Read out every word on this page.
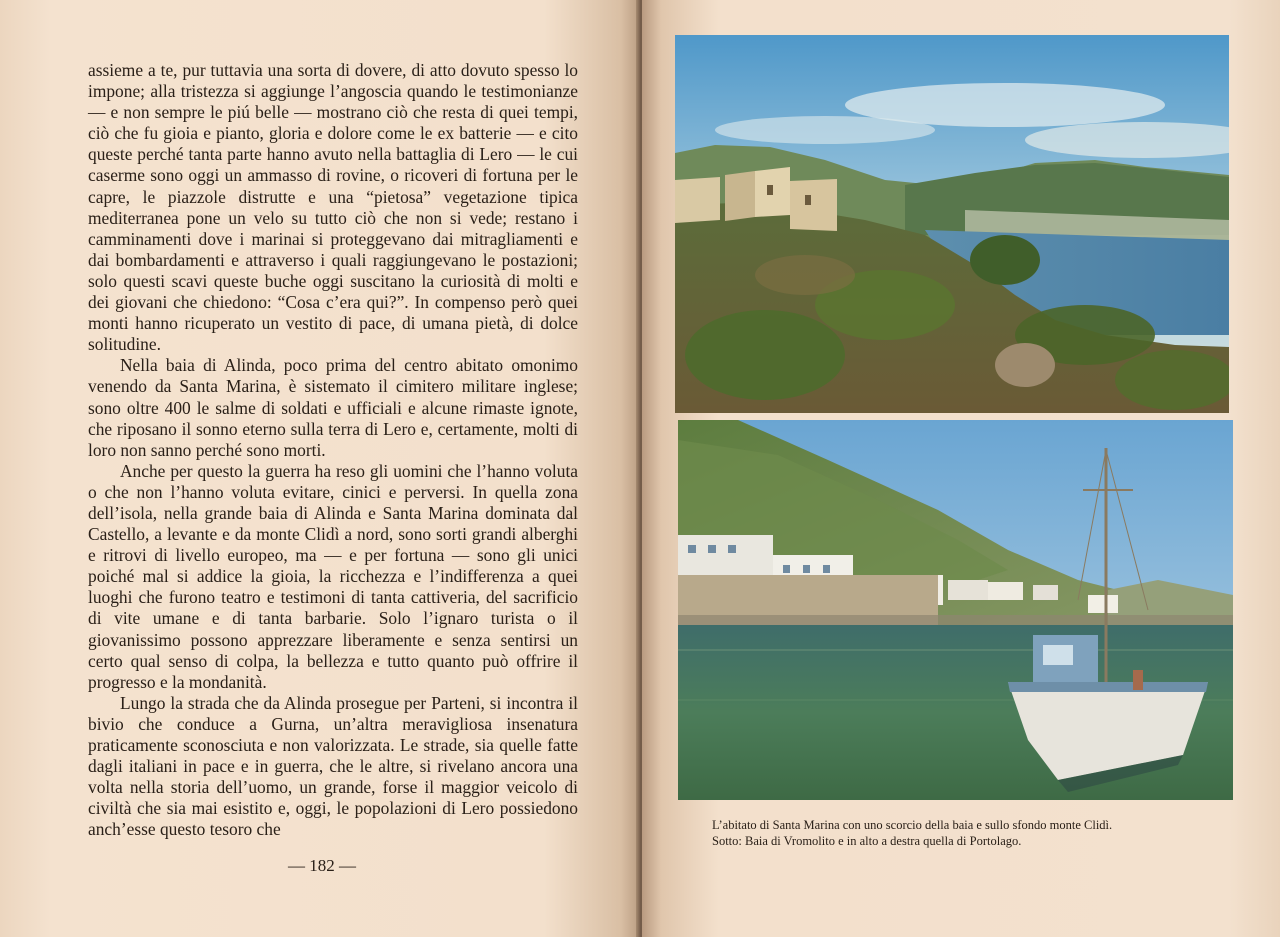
assieme a te, pur tuttavia una sorta di dovere, di atto dovuto spesso lo impone; alla tristezza si aggiunge l’angoscia quando le testimonianze — e non sempre le piú belle — mostrano ciò che resta di quei tempi, ciò che fu gioia e pianto, gloria e dolore come le ex batterie — e cito queste perché tanta parte hanno avuto nella battaglia di Lero — le cui caserme sono oggi un ammasso di rovine, o ricoveri di fortuna per le capre, le piazzole distrutte e una “pietosa” vegetazione tipica mediterranea pone un velo su tutto ciò che non si vede; restano i camminamenti dove i marinai si proteggevano dai mitragliamenti e dai bombardamenti e attraverso i quali raggiungevano le postazioni; solo questi scavi queste buche oggi suscitano la curiosità di molti e dei giovani che chiedono: “Cosa c’era qui?”. In compenso però quei monti hanno ricuperato un vestito di pace, di umana pietà, di dolce solitudine.

Nella baia di Alinda, poco prima del centro abitato omonimo venendo da Santa Marina, è sistemato il cimitero militare inglese; sono oltre 400 le salme di soldati e ufficiali e alcune rimaste ignote, che riposano il sonno eterno sulla terra di Lero e, certamente, molti di loro non sanno perché sono morti.

Anche per questo la guerra ha reso gli uomini che l’hanno voluta o che non l’hanno voluta evitare, cinici e perversi. In quella zona dell’isola, nella grande baia di Alinda e Santa Marina dominata dal Castello, a levante e da monte Clidì a nord, sono sorti grandi alberghi e ritrovi di livello europeo, ma — e per fortuna — sono gli unici poiché mal si addice la gioia, la ricchezza e l’indifferenza a quei luoghi che furono teatro e testimoni di tanta cattiveria, del sacrificio di vite umane e di tanta barbarie. Solo l’ignaro turista o il giovanissimo possono apprezzare liberamente e senza sentirsi un certo qual senso di colpa, la bellezza e tutto quanto può offrire il progresso e la mondanità.

Lungo la strada che da Alinda prosegue per Parteni, si incontra il bivio che conduce a Gurna, un’altra meravigliosa insenatura praticamente sconosciuta e non valorizzata. Le strade, sia quelle fatte dagli italiani in pace e in guerra, che le altre, si rivelano ancora una volta nella storia dell’uomo, un grande, forse il maggior veicolo di civiltà che sia mai esistito e, oggi, le popolazioni di Lero possiedono anch’esse questo tesoro che

— 182 —
L’abitato di Santa Marina con uno scorcio della baia e sullo sfondo monte Clidì.
Sotto: Baia di Vromolito e in alto a destra quella di Portolago.
